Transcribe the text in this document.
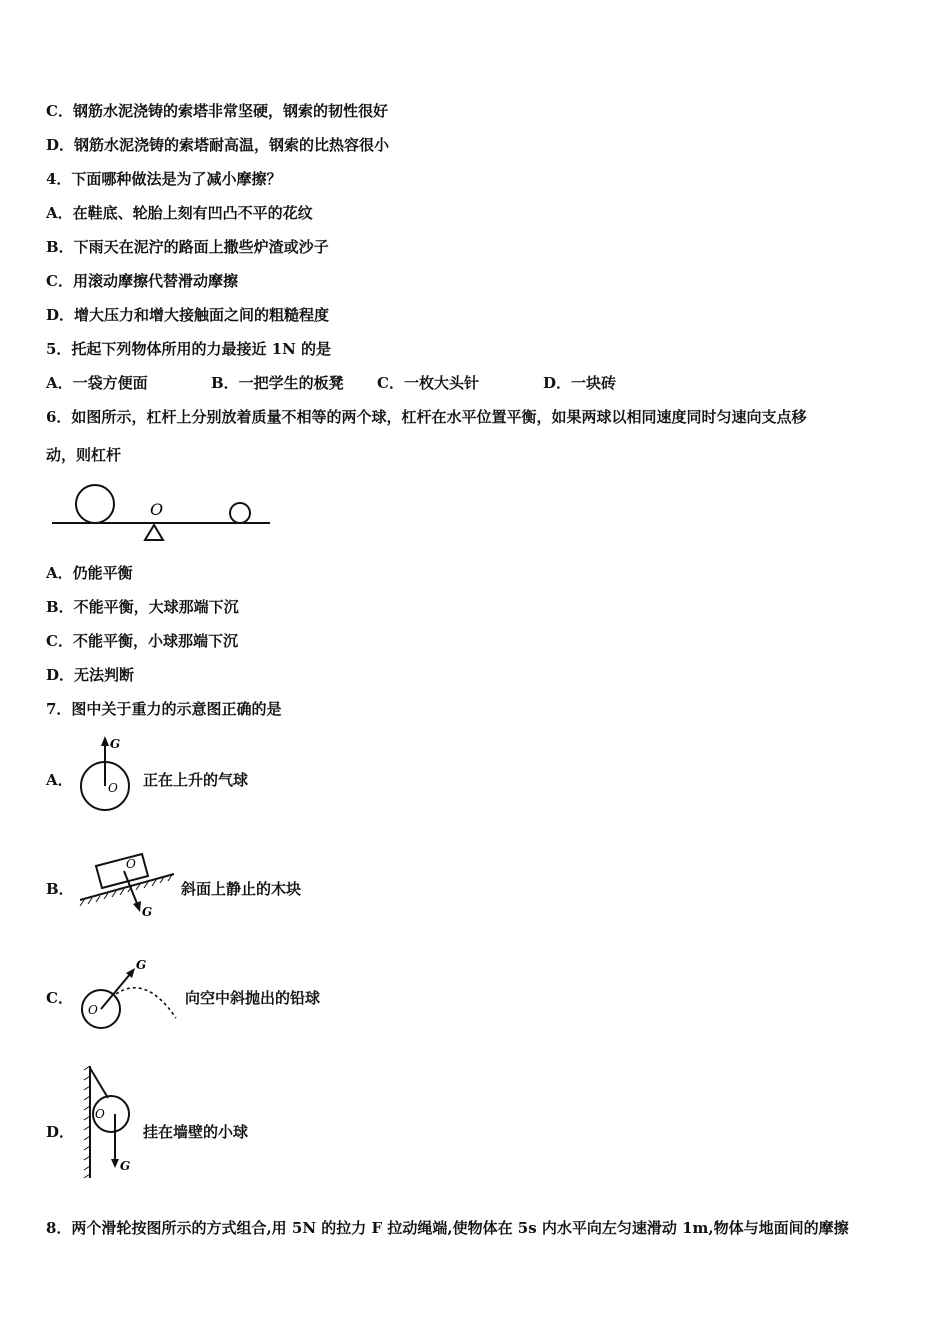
C．钢筋水泥浇铸的索塔非常坚硬，钢索的韧性很好
D．钢筋水泥浇铸的索塔耐高温，钢索的比热容很小
4．下面哪种做法是为了减小摩擦？
A．在鞋底、轮胎上刻有凹凸不平的花纹
B．下雨天在泥泞的路面上撒些炉渣或沙子
C．用滚动摩擦代替滑动摩擦
D．增大压力和增大接触面之间的粗糙程度
5．托起下列物体所用的力最接近 1N 的是
A．一袋方便面	B．一把学生的板凳 C．一枚大头针	D．一块砖
6．如图所示，杠杆上分别放着质量不相等的两个球，杠杆在水平位置平衡，如果两球以相同速度同时匀速向支点移
动，则杠杆
O
A．仍能平衡
B．不能平衡，大球那端下沉
C．不能平衡，小球那端下沉
D．无法判断
7．图中关于重力的示意图正确的是
A．
G
O 正在上升的气球
B．
O
G
斜面上静止的木块
C．
O
G
向空中斜抛出的铅球
D．
O
G
挂在墙壁的小球
8．两个滑轮按图所示的方式组合,用 5N 的拉力 F 拉动绳端,使物体在 5s 内水平向左匀速滑动 1m,物体与地面间的摩擦
